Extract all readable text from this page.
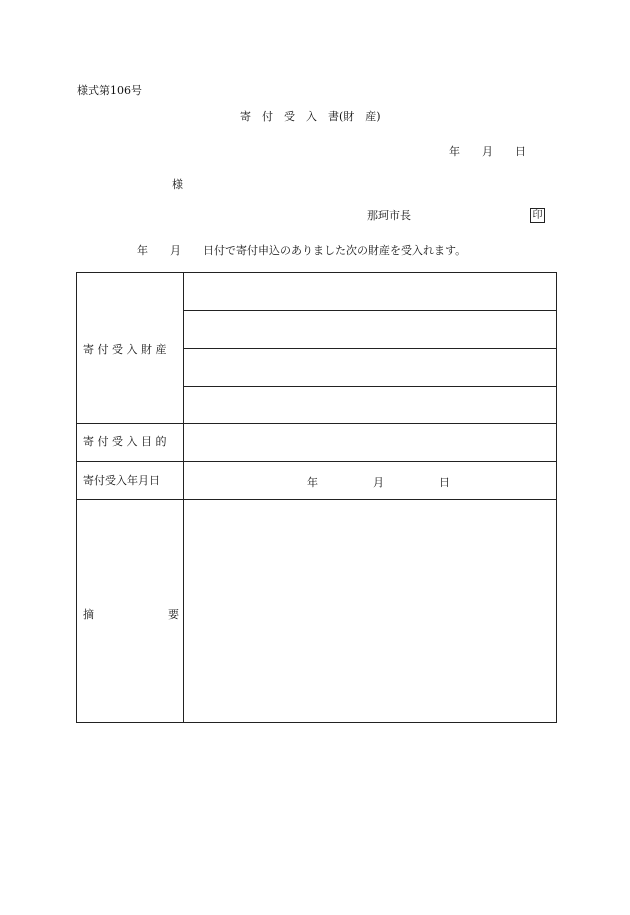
様式第106号
寄　付　受　入　書(財　産)
年　　月　　日
様
那珂市長	印
年　　月　　日付で寄付申込のありました次の財産を受入れます。
寄 付 受 入 財 産
寄 付 受 入 目 的
寄付受入年月日	年　　　　　月　　　　　日
摘	要
